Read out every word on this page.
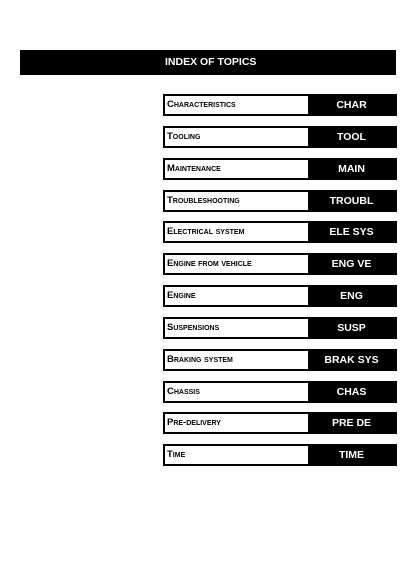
INDEX OF TOPICS
Characteristics	CHAR
Tooling	TOOL
Maintenance	MAIN
Troubleshooting	TROUBL
Electrical system	ELE SYS
Engine from vehicle	ENG VE
Engine	ENG
Suspensions	SUSP
Braking system	BRAK SYS
Chassis	CHAS
Pre-delivery	PRE DE
Time	TIME
